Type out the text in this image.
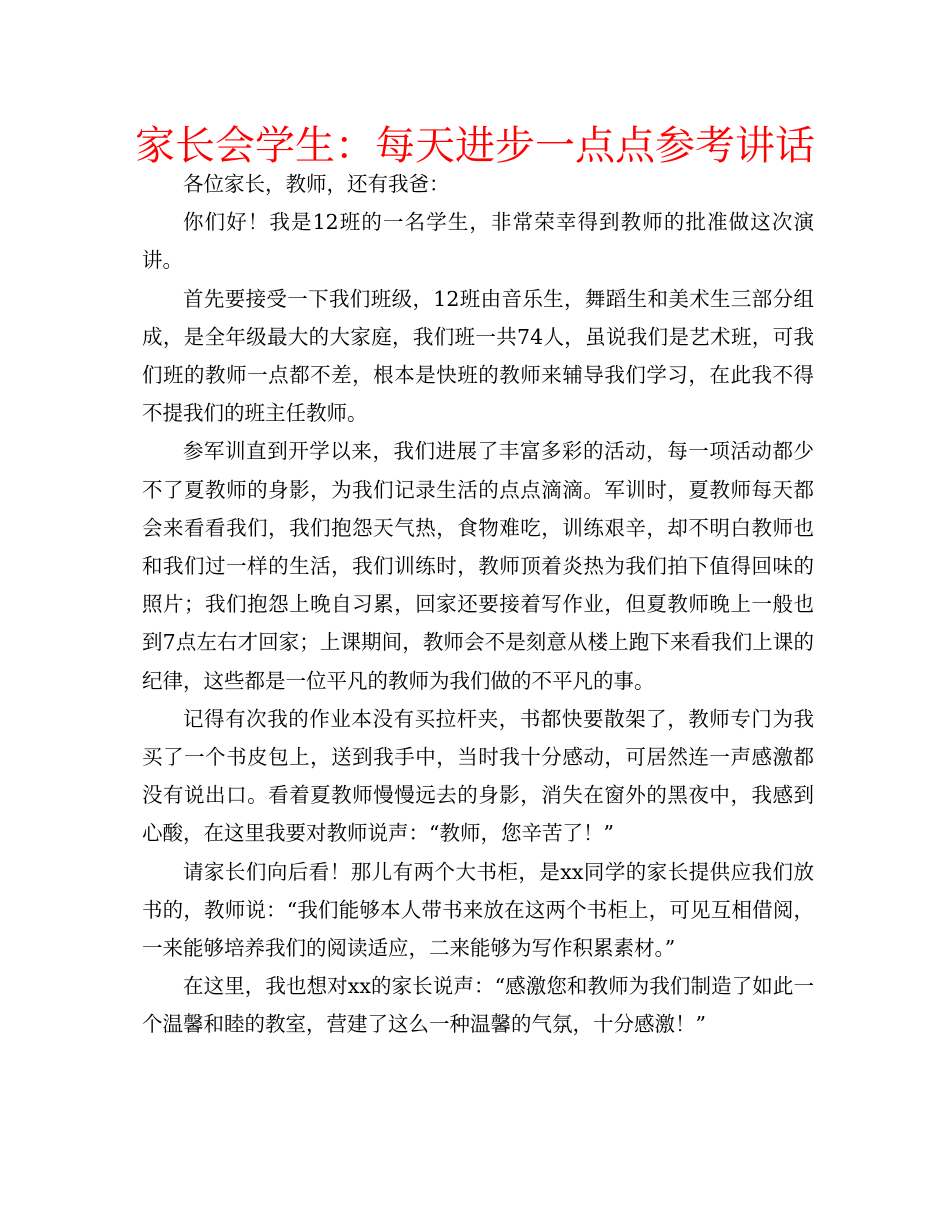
家长会学生：每天进步一点点参考讲话

各位家长，教师，还有我爸：

你们好！我是12班的一名学生，非常荣幸得到教师的批准做这次演讲。

首先要接受一下我们班级，12班由音乐生，舞蹈生和美术生三部分组成，是全年级最大的大家庭，我们班一共74人，虽说我们是艺术班，可我们班的教师一点都不差，根本是快班的教师来辅导我们学习，在此我不得不提我们的班主任教师。

参军训直到开学以来，我们进展了丰富多彩的活动，每一项活动都少不了夏教师的身影，为我们记录生活的点点滴滴。军训时，夏教师每天都会来看看我们，我们抱怨天气热，食物难吃，训练艰辛，却不明白教师也和我们过一样的生活，我们训练时，教师顶着炎热为我们拍下值得回味的照片；我们抱怨上晚自习累，回家还要接着写作业，但夏教师晚上一般也到7点左右才回家；上课期间，教师会不是刻意从楼上跑下来看我们上课的纪律，这些都是一位平凡的教师为我们做的不平凡的事。

记得有次我的作业本没有买拉杆夹，书都快要散架了，教师专门为我买了一个书皮包上，送到我手中，当时我十分感动，可居然连一声感激都没有说出口。看着夏教师慢慢远去的身影，消失在窗外的黑夜中，我感到心酸，在这里我要对教师说声：“教师，您辛苦了！”

请家长们向后看！那儿有两个大书柜，是xx同学的家长提供应我们放书的，教师说：“我们能够本人带书来放在这两个书柜上，可见互相借阅，一来能够培养我们的阅读适应，二来能够为写作积累素材。”

在这里，我也想对xx的家长说声：“感激您和教师为我们制造了如此一个温馨和睦的教室，营建了这么一种温馨的气氛，十分感激！”
